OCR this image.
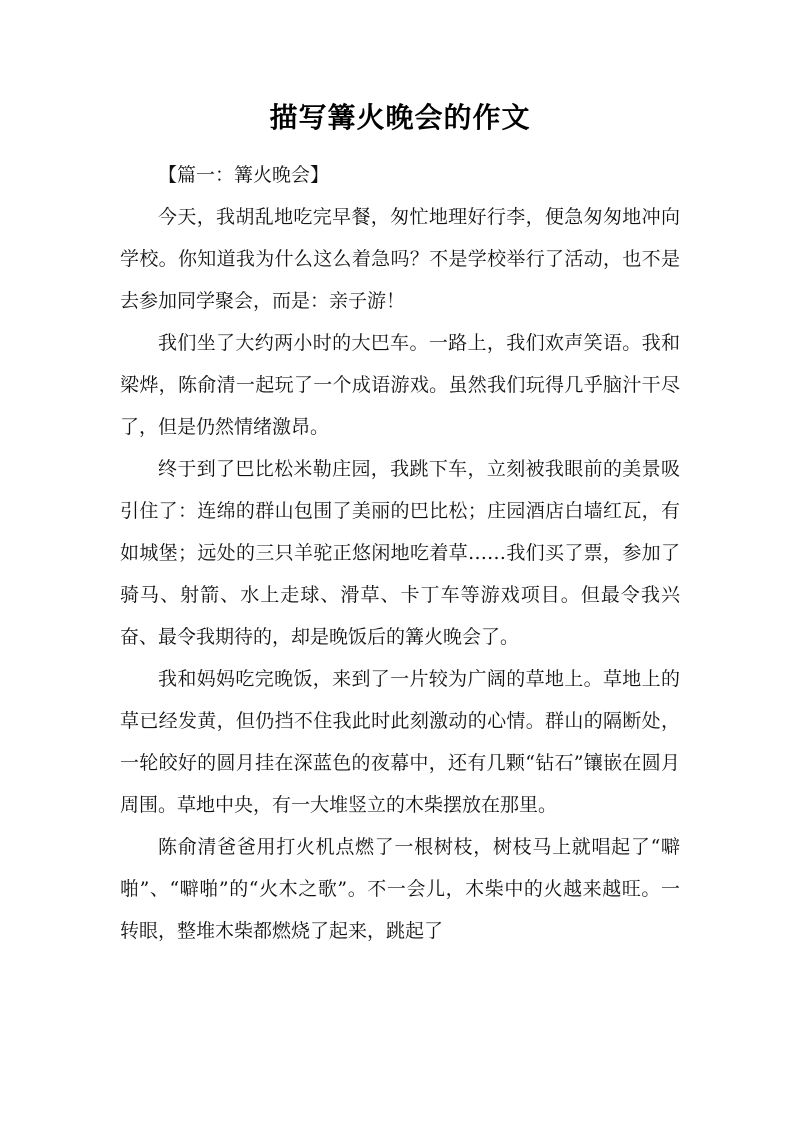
描写篝火晚会的作文

【篇一：篝火晚会】

今天，我胡乱地吃完早餐，匆忙地理好行李，便急匆匆地冲向学校。你知道我为什么这么着急吗？不是学校举行了活动，也不是去参加同学聚会，而是：亲子游！

我们坐了大约两小时的大巴车。一路上，我们欢声笑语。我和梁烨，陈俞清一起玩了一个成语游戏。虽然我们玩得几乎脑汁干尽了，但是仍然情绪激昂。

终于到了巴比松米勒庄园，我跳下车，立刻被我眼前的美景吸引住了：连绵的群山包围了美丽的巴比松；庄园酒店白墙红瓦，有如城堡；远处的三只羊驼正悠闲地吃着草……我们买了票，参加了骑马、射箭、水上走球、滑草、卡丁车等游戏项目。但最令我兴奋、最令我期待的，却是晚饭后的篝火晚会了。

我和妈妈吃完晚饭，来到了一片较为广阔的草地上。草地上的草已经发黄，但仍挡不住我此时此刻激动的心情。群山的隔断处，一轮皎好的圆月挂在深蓝色的夜幕中，还有几颗“钻石”镶嵌在圆月周围。草地中央，有一大堆竖立的木柴摆放在那里。

陈俞清爸爸用打火机点燃了一根树枝，树枝马上就唱起了“噼啪”、“噼啪”的“火木之歌”。不一会儿，木柴中的火越来越旺。一转眼，整堆木柴都燃烧了起来，跳起了
